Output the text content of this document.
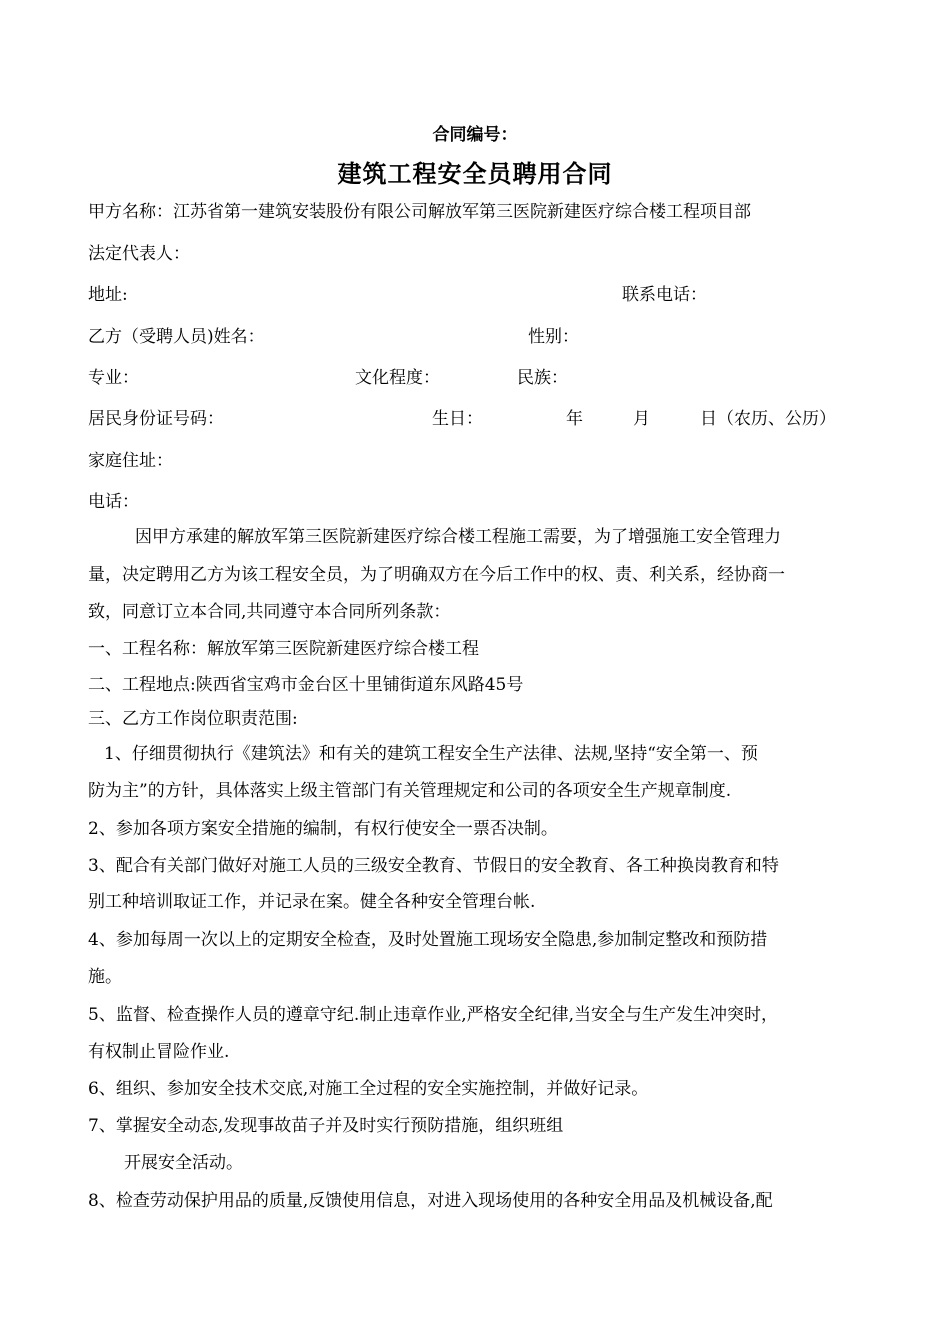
合同编号：
建筑工程安全员聘用合同
甲方名称：江苏省第一建筑安装股份有限公司解放军第三医院新建医疗综合楼工程项目部
法定代表人：
地址:	联系电话：
乙方（受聘人员)姓名：	性别：
专业：	文化程度：	民族：
居民身份证号码：	生日：	年	月	日（农历、公历）
家庭住址：
电话：
因甲方承建的解放军第三医院新建医疗综合楼工程施工需要，为了增强施工安全管理力
量，决定聘用乙方为该工程安全员，为了明确双方在今后工作中的权、责、利关系，经协商一
致，同意订立本合同,共同遵守本合同所列条款：
一、工程名称：解放军第三医院新建医疗综合楼工程
二、工程地点:陕西省宝鸡市金台区十里铺街道东风路45号
三、乙方工作岗位职责范围:
1、仔细贯彻执行《建筑法》和有关的建筑工程安全生产法律、法规,坚持“安全第一、预
防为主”的方针，具体落实上级主管部门有关管理规定和公司的各项安全生产规章制度.
2、参加各项方案安全措施的编制，有权行使安全一票否决制。
3、配合有关部门做好对施工人员的三级安全教育、节假日的安全教育、各工种换岗教育和特
别工种培训取证工作，并记录在案。健全各种安全管理台帐.
4、参加每周一次以上的定期安全检查，及时处置施工现场安全隐患,参加制定整改和预防措
施。
5、监督、检查操作人员的遵章守纪.制止违章作业,严格安全纪律,当安全与生产发生冲突时，
有权制止冒险作业.
6、组织、参加安全技术交底,对施工全过程的安全实施控制，并做好记录。
7、掌握安全动态,发现事故苗子并及时实行预防措施，组织班组
开展安全活动。
8、检查劳动保护用品的质量,反馈使用信息，对进入现场使用的各种安全用品及机械设备,配
